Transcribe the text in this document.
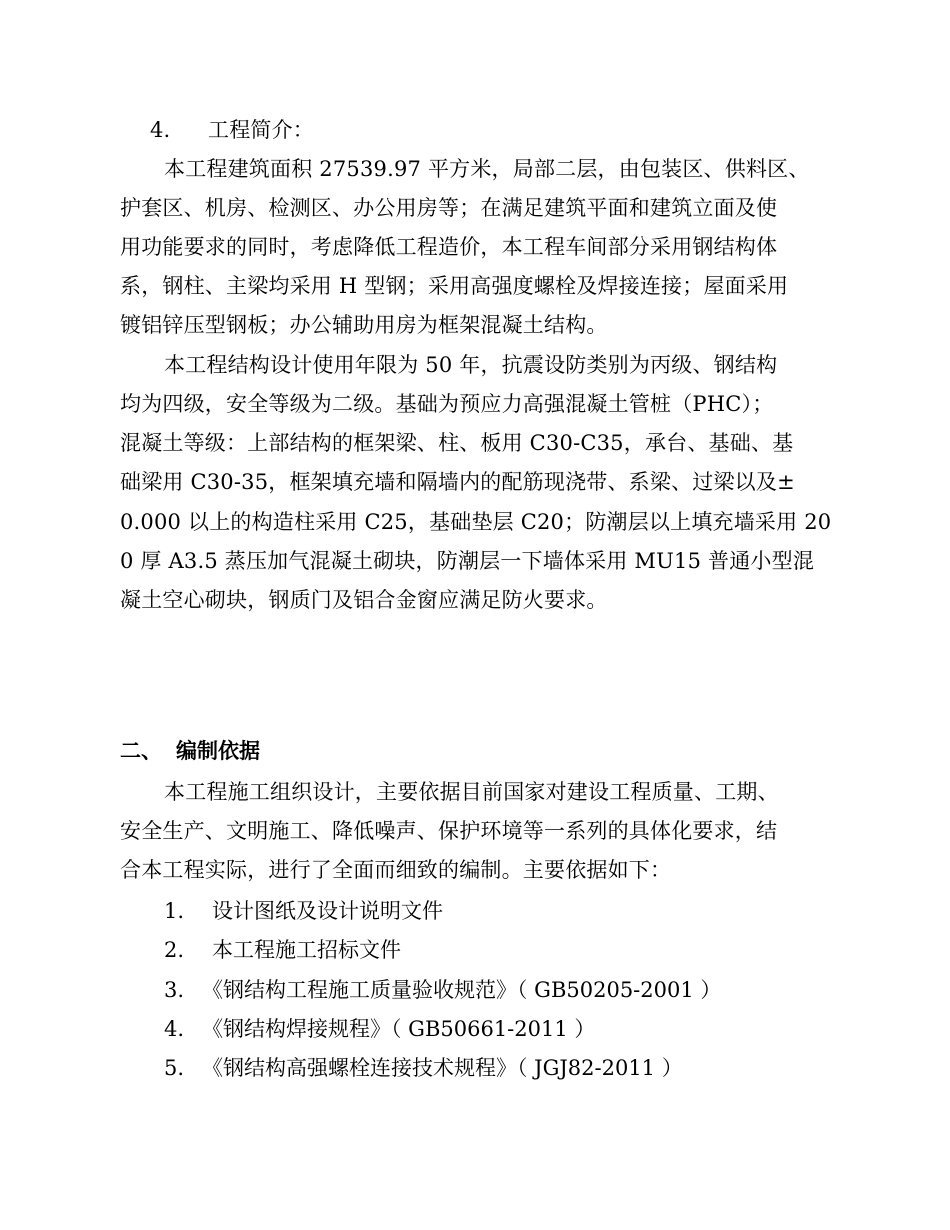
4. 工程简介：
本工程建筑面积 27539.97 平方米，局部二层，由包装区、供料区、
护套区、机房、检测区、办公用房等；在满足建筑平面和建筑立面及使
用功能要求的同时，考虑降低工程造价，本工程车间部分采用钢结构体
系，钢柱、主梁均采用 H 型钢；采用高强度螺栓及焊接连接；屋面采用
镀铝锌压型钢板；办公辅助用房为框架混凝土结构。
本工程结构设计使用年限为 50 年，抗震设防类别为丙级、钢结构
均为四级，安全等级为二级。基础为预应力高强混凝土管桩（PHC）；
混凝土等级：上部结构的框架梁、柱、板用 C30-C35，承台、基础、基
础梁用 C30-35，框架填充墙和隔墙内的配筋现浇带、系梁、过梁以及±
0.000 以上的构造柱采用 C25，基础垫层 C20；防潮层以上填充墙采用 20
0 厚 A3.5 蒸压加气混凝土砌块，防潮层一下墙体采用 MU15 普通小型混
凝土空心砌块，钢质门及铝合金窗应满足防火要求。
二、 编制依据
本工程施工组织设计，主要依据目前国家对建设工程质量、工期、
安全生产、文明施工、降低噪声、保护环境等一系列的具体化要求，结
合本工程实际，进行了全面而细致的编制。主要依据如下：
1. 设计图纸及设计说明文件
2. 本工程施工招标文件
3. 《钢结构工程施工质量验收规范》（ GB50205-2001 ）
4. 《钢结构焊接规程》（ GB50661-2011 ）
5. 《钢结构高强螺栓连接技术规程》（ JGJ82-2011 ）
